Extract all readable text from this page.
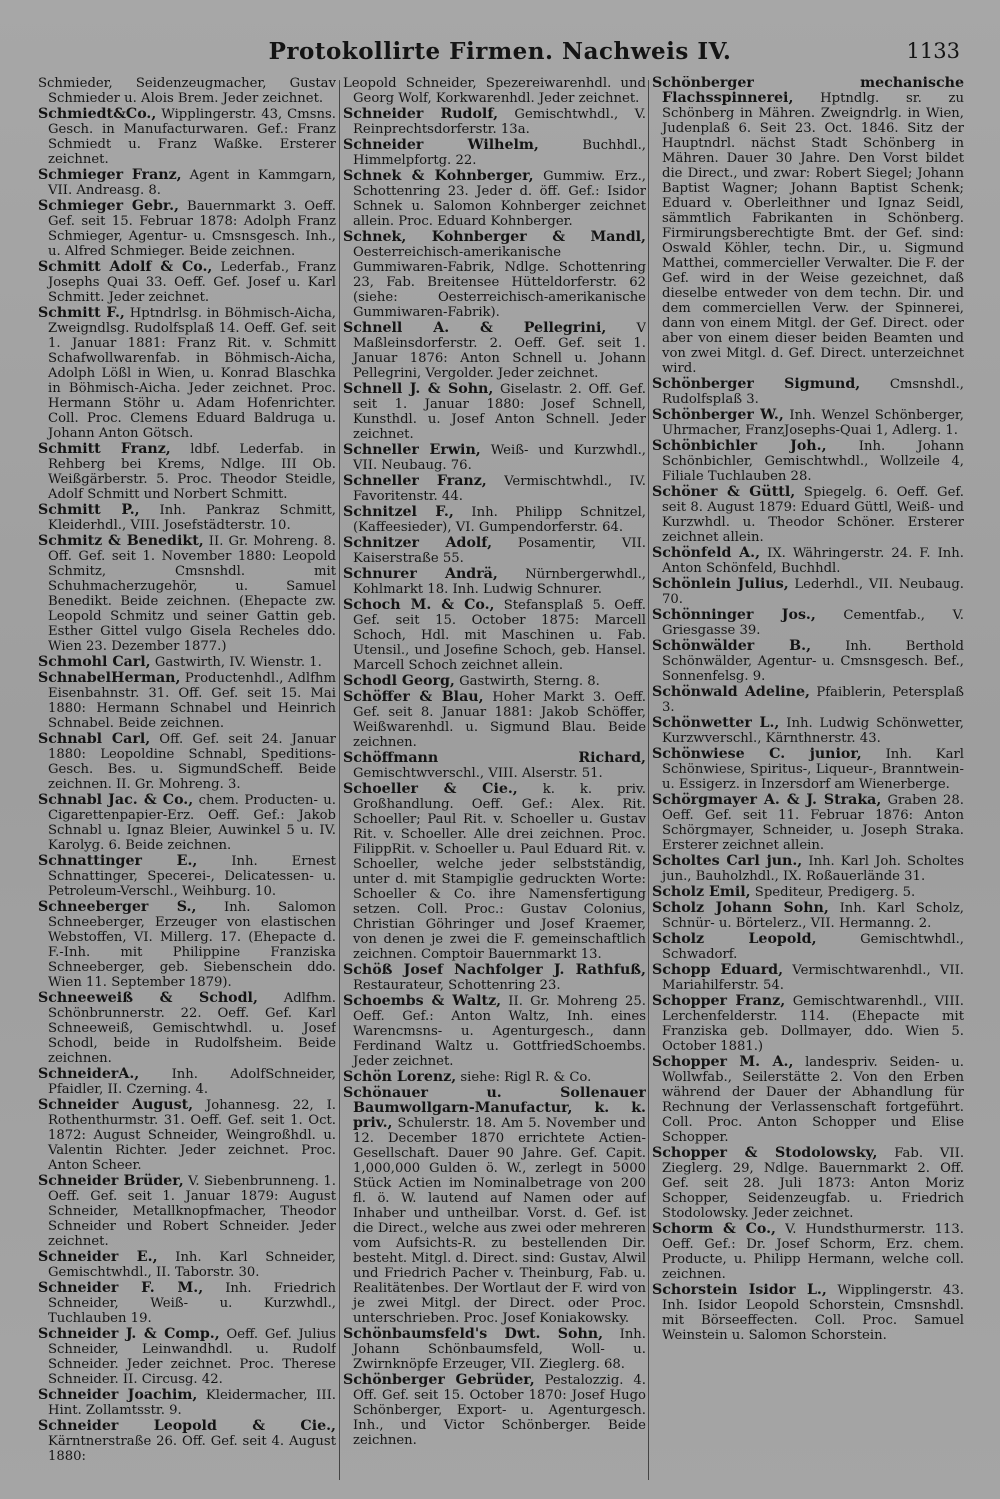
Protokollirte Firmen. Nachweis IV.	1133
Schmieder, Seidenzeugmacher, Gustav Schmieder u. Alois Brem. Jeder zeichnet.
Schmiedt&Co., Wipplingerstr. 43, Cmsns. Gesch. in Manufacturwaren. Gef.: Franz Schmiedt u. Franz Waßke. Ersterer zeichnet.
Schmieger Franz, Agent in Kammgarn, VII. Andreasg. 8.
Schmieger Gebr., Bauernmarkt 3. Oeff. Gef. seit 15. Februar 1878: Adolph Franz Schmieger, Agentur- u. Cmsnsgesch. Inh., u. Alfred Schmieger. Beide zeichnen.
Schmitt Adolf & Co., Lederfab., Franz Josephs Quai 33. Oeff. Gef. Josef u. Karl Schmitt. Jeder zeichnet.
Schmitt F., Hptndrlsg. in Böhmisch-Aicha, Zweigndlsg. Rudolfsplaß 14. Oeff. Gef. seit 1. Januar 1881: Franz Rit. v. Schmitt Schafwollwarenfab. in Böhmisch-Aicha, Adolph Lößl in Wien, u. Konrad Blaschka in Böhmisch-Aicha. Jeder zeichnet. Proc. Hermann Stöhr u. Adam Hofenrichter. Coll. Proc. Clemens Eduard Baldruga u. Johann Anton Götsch.
Schmitt Franz, ldbf. Lederfab. in Rehberg bei Krems, Ndlge. III Ob. Weißgärberstr. 5. Proc. Theodor Steidle, Adolf Schmitt und Norbert Schmitt.
Schmitt P., Inh. Pankraz Schmitt, Kleiderhdl., VIII. Josefstädterstr. 10.
Schmitz & Benedikt, II. Gr. Mohreng. 8. Off. Gef. seit 1. November 1880: Leopold Schmitz, Cmsnshdl. mit Schuhmacherzugehör, u. Samuel Benedikt. Beide zeichnen. (Ehepacte zw. Leopold Schmitz und seiner Gattin geb. Esther Gittel vulgo Gisela Recheles ddo. Wien 23. Dezember 1877.)
Schmohl Carl, Gastwirth, IV. Wienstr. 1.
SchnabelHerman, Productenhdl., Adlfhm Eisenbahnstr. 31. Off. Gef. seit 15. Mai 1880: Hermann Schnabel und Heinrich Schnabel. Beide zeichnen.
Schnabl Carl, Off. Gef. seit 24. Januar 1880: Leopoldine Schnabl, Speditions-Gesch. Bes. u. SigmundScheff. Beide zeichnen. II. Gr. Mohreng. 3.
Schnabl Jac. & Co., chem. Producten- u. Cigarettenpapier-Erz. Oeff. Gef.: Jakob Schnabl u. Ignaz Bleier, Auwinkel 5 u. IV. Karolyg. 6. Beide zeichnen.
Schnattinger E.,	Inh. Ernest Schnattinger, Specerei-, Delicatessen- u. Petroleum-Verschl., Weihburg. 10.
Schneeberger S., Inh. Salomon Schneeberger, Erzeuger von elastischen Webstoffen, VI. Millerg. 17. (Ehepacte d. F.-Inh. mit Philippine Franziska Schneeberger, geb. Siebenschein ddo. Wien 11. September 1879).
Schneeweiß & Schodl, Adlfhm. Schönbrunnerstr. 22. Oeff. Gef. Karl Schneeweiß, Gemischtwhdl. u. Josef Schodl, beide in Rudolfsheim. Beide zeichnen.
SchneiderA., Inh. AdolfSchneider, Pfaidler, II. Czerning. 4.
Schneider August, Johannesg. 22, I. Rothenthurmstr. 31. Oeff. Gef. seit 1. Oct. 1872: August Schneider, Weingroßhdl. u. Valentin Richter. Jeder zeichnet. Proc. Anton Scheer.
Schneider Brüder, V. Siebenbrunneng. 1. Oeff. Gef. seit 1. Januar 1879: August Schneider, Metallknopfmacher, Theodor Schneider und Robert Schneider. Jeder zeichnet.
Schneider E., Inh. Karl Schneider, Gemischtwhdl., II. Taborstr. 30.
Schneider F. M., Inh. Friedrich Schneider, Weiß- u. Kurzwhdl., Tuchlauben 19.
Schneider J. & Comp., Oeff. Gef. Julius Schneider, Leinwandhdl. u. Rudolf Schneider. Jeder zeichnet. Proc. Therese Schneider. II. Circusg. 42.
Schneider Joachim, Kleidermacher, III. Hint. Zollamtsstr. 9.
Schneider Leopold & Cie., Kärntnerstraße 26. Off. Gef. seit 4. August 1880:
Leopold Schneider, Spezereiwarenhdl. und Georg Wolf, Korkwarenhdl. Jeder zeichnet.
Schneider Rudolf, Gemischtwhdl., V. Reinprechtsdorferstr. 13a.
Schneider Wilhelm,	Buchhdl., Himmelpfortg. 22.
Schnek & Kohnberger, Gummiw. Erz., Schottenring 23. Jeder d. öff. Gef.: Isidor Schnek u. Salomon Kohnberger zeichnet allein. Proc. Eduard Kohnberger.
Schnek, Kohnberger & Mandl, Oesterreichisch-amerikanische Gummiwaren-Fabrik, Ndlge. Schottenring 23, Fab. Breitensee Hütteldorferstr. 62 (siehe: Oesterreichisch-amerikanische Gummiwaren-Fabrik).
Schnell A. & Pellegrini, V Maßleinsdorferstr. 2. Oeff. Gef. seit 1. Januar 1876: Anton Schnell u. Johann Pellegrini, Vergolder. Jeder zeichnet.
Schnell J. & Sohn, Giselastr. 2. Off. Gef. seit 1. Januar 1880: Josef Schnell, Kunsthdl. u. Josef Anton Schnell. Jeder zeichnet.
Schneller Erwin, Weiß- und Kurzwhdl., VII. Neubaug. 76.
Schneller Franz, Vermischtwhdl., IV. Favoritenstr. 44.
Schnitzel F., Inh. Philipp Schnitzel, (Kaffeesieder), VI. Gumpendorferstr. 64.
Schnitzer Adolf, Posamentir, VII. Kaiserstraße 55.
Schnurer Andrä, Nürnbergerwhdl., Kohlmarkt 18. Inh. Ludwig Schnurer.
Schoch M. & Co., Stefansplaß 5. Oeff. Gef. seit 15. October 1875: Marcell Schoch, Hdl. mit Maschinen u. Fab. Utensil., und Josefine Schoch, geb. Hansel. Marcell Schoch zeichnet allein.
Schodl Georg, Gastwirth, Sterng. 8.
Schöffer & Blau, Hoher Markt 3. Oeff. Gef. seit 8. Januar 1881: Jakob Schöffer, Weißwarenhdl. u. Sigmund Blau. Beide zeichnen.
Schöffmann Richard, Gemischtwverschl., VIII. Alserstr. 51.
Schoeller & Cie., k. k. priv. Großhandlung. Oeff. Gef.: Alex. Rit. Schoeller; Paul Rit. v. Schoeller u. Gustav Rit. v. Schoeller. Alle drei zeichnen. Proc. FilippRit. v. Schoeller u. Paul Eduard Rit. v. Schoeller, welche jeder selbstständig, unter d. mit Stampiglie gedruckten Worte: Schoeller & Co. ihre Namensfertigung setzen. Coll. Proc.: Gustav Colonius, Christian Göhringer und Josef Kraemer, von denen je zwei die F. gemeinschaftlich zeichnen. Comptoir Bauernmarkt 13.
Schöß Josef Nachfolger J. Rathfuß, Restaurateur, Schottenring 23.
Schoembs & Waltz, II. Gr. Mohreng 25. Oeff. Gef.: Anton Waltz, Inh. eines Warencmsns- u. Agenturgesch., dann Ferdinand Waltz u. GottfriedSchoembs. Jeder zeichnet.
Schön Lorenz, siehe: Rigl R. & Co.
Schönauer u. Sollenauer Baumwollgarn-Manufactur, k. k. priv., Schulerstr. 18. Am 5. November und 12. December 1870 errichtete Actien-Gesellschaft. Dauer 90 Jahre. Gef. Capit. 1,000,000 Gulden ö. W., zerlegt in 5000 Stück Actien im Nominalbetrage von 200 fl. ö. W. lautend auf Namen oder auf Inhaber und untheilbar. Vorst. d. Gef. ist die Direct., welche aus zwei oder mehreren vom Aufsichts-R. zu bestellenden Dir. besteht. Mitgl. d. Direct. sind: Gustav, Alwil und Friedrich Pacher v. Theinburg, Fab. u. Realitätenbes. Der Wortlaut der F. wird von je zwei Mitgl. der Direct. oder Proc. unterschrieben. Proc. Josef Koniakowsky.
Schönbaumsfeld's Dwt. Sohn, Inh. Johann Schönbaumsfeld, Woll- u. Zwirnknöpfe Erzeuger, VII. Zieglerg. 68.
Schönberger Gebrüder, Pestalozzig. 4. Off. Gef. seit 15. October 1870: Josef Hugo Schönberger, Export- u. Agenturgesch. Inh., und Victor Schönberger. Beide zeichnen.
Schönberger mechanische Flachsspinnerei, Hptndlg. sr. zu Schönberg in Mähren. Zweigndrlg. in Wien, Judenplaß 6. Seit 23. Oct. 1846. Sitz der Hauptndrl. nächst Stadt Schönberg in Mähren. Dauer 30 Jahre. Den Vorst bildet die Direct., und zwar: Robert Siegel; Johann Baptist Wagner; Johann Baptist Schenk; Eduard v. Oberleithner und Ignaz Seidl, sämmtlich Fabrikanten in Schönberg. Firmirungsberechtigte Bmt. der Gef. sind: Oswald Köhler, techn. Dir., u. Sigmund Matthei, commercieller Verwalter. Die F. der Gef. wird in der Weise gezeichnet, daß dieselbe entweder von dem techn. Dir. und dem commerciellen Verw. der Spinnerei, dann von einem Mitgl. der Gef. Direct. oder aber von einem dieser beiden Beamten und von zwei Mitgl. d. Gef. Direct. unterzeichnet wird.
Schönberger Sigmund, Cmsnshdl., Rudolfsplaß 3.
Schönberger W., Inh. Wenzel Schönberger, Uhrmacher, FranzJosephs-Quai 1, Adlerg. 1.
Schönbichler Joh., Inh. Johann Schönbichler, Gemischtwhdl., Wollzeile 4, Filiale Tuchlauben 28.
Schöner & Güttl, Spiegelg. 6. Oeff. Gef. seit 8. August 1879: Eduard Güttl, Weiß- und Kurzwhdl. u. Theodor Schöner. Ersterer zeichnet allein.
Schönfeld A., IX. Währingerstr. 24. F. Inh. Anton Schönfeld, Buchhdl.
Schönlein Julius, Lederhdl., VII. Neubaug. 70.
Schönninger Jos., Cementfab., V. Griesgasse 39.
Schönwälder B.,	Inh. Berthold Schönwälder, Agentur- u. Cmsnsgesch. Bef., Sonnenfelsg. 9.
Schönwald Adeline, Pfaiblerin, Petersplaß 3.
Schönwetter L., Inh. Ludwig Schönwetter, Kurzwverschl., Kärnthnerstr. 43.
Schönwiese C. junior, Inh. Karl Schönwiese, Spiritus-, Liqueur-, Branntwein- u. Essigerz. in Inzersdorf am Wienerberge.
Schörgmayer A. & J. Straka, Graben 28. Oeff. Gef. seit 11. Februar 1876: Anton Schörgmayer, Schneider, u. Joseph Straka. Ersterer zeichnet allein.
Scholtes Carl jun., Inh. Karl Joh. Scholtes jun., Bauholzhdl., IX. Roßauerlände 31.
Scholz Emil, Spediteur, Predigerg. 5.
Scholz Johann Sohn, Inh. Karl Scholz, Schnür- u. Börtelerz., VII. Hermanng. 2.
Scholz Leopold,	Gemischtwhdl., Schwadorf.
Schopp Eduard, Vermischtwarenhdl., VII. Mariahilferstr. 54.
Schopper Franz, Gemischtwarenhdl., VIII. Lerchenfelderstr. 114. (Ehepacte mit Franziska geb. Dollmayer, ddo. Wien 5. October 1881.)
Schopper M. A., landespriv. Seiden- u. Wollwfab., Seilerstätte 2. Von den Erben während der Dauer der Abhandlung für Rechnung der Verlassenschaft fortgeführt. Coll. Proc. Anton Schopper und Elise Schopper.
Schopper & Stodolowsky, Fab. VII. Zieglerg. 29, Ndlge. Bauernmarkt 2. Off. Gef. seit 28. Juli 1873: Anton Moriz Schopper, Seidenzeugfab. u. Friedrich Stodolowsky. Jeder zeichnet.
Schorm & Co., V. Hundsthurmerstr. 113. Oeff. Gef.: Dr. Josef Schorm, Erz. chem. Producte, u. Philipp Hermann, welche coll. zeichnen.
Schorstein Isidor L., Wipplingerstr. 43. Inh. Isidor Leopold Schorstein, Cmsnshdl. mit Börseeffecten. Coll. Proc. Samuel Weinstein u. Salomon Schorstein.
